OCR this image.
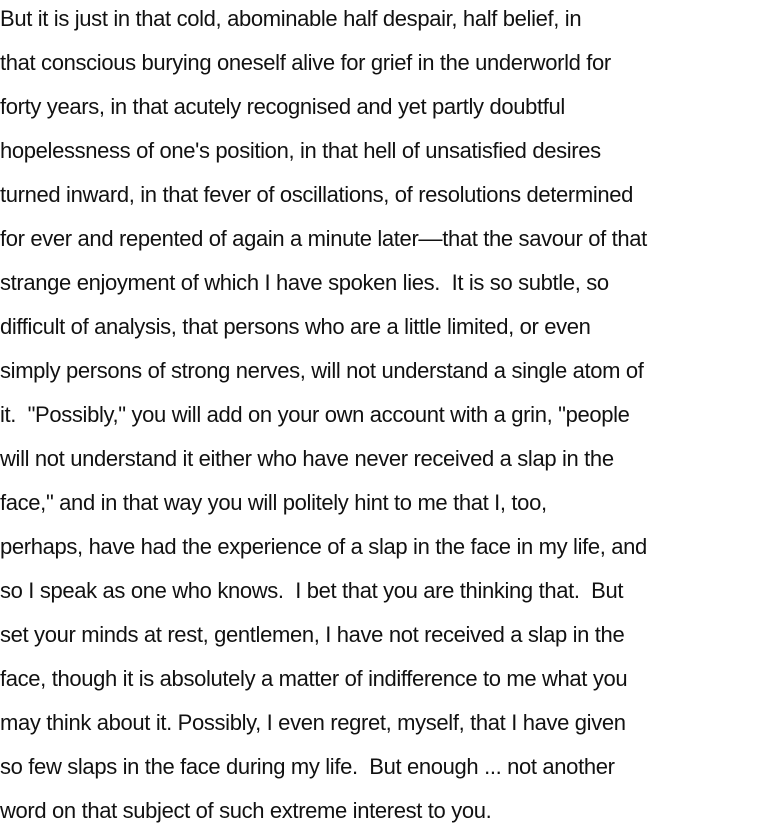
But it is just in that cold, abominable half despair, half belief, in
that conscious burying oneself alive for grief in the underworld for
forty years, in that acutely recognised and yet partly doubtful
hopelessness of one's position, in that hell of unsatisfied desires
turned inward, in that fever of oscillations, of resolutions determined
for ever and repented of again a minute later––that the savour of that
strange enjoyment of which I have spoken lies.  It is so subtle, so
difficult of analysis, that persons who are a little limited, or even
simply persons of strong nerves, will not understand a single atom of
it.  "Possibly," you will add on your own account with a grin, "people
will not understand it either who have never received a slap in the
face," and in that way you will politely hint to me that I, too,
perhaps, have had the experience of a slap in the face in my life, and
so I speak as one who knows.  I bet that you are thinking that.  But
set your minds at rest, gentlemen, I have not received a slap in the
face, though it is absolutely a matter of indifference to me what you
may think about it. Possibly, I even regret, myself, that I have given
so few slaps in the face during my life.  But enough ... not another
word on that subject of such extreme interest to you.
